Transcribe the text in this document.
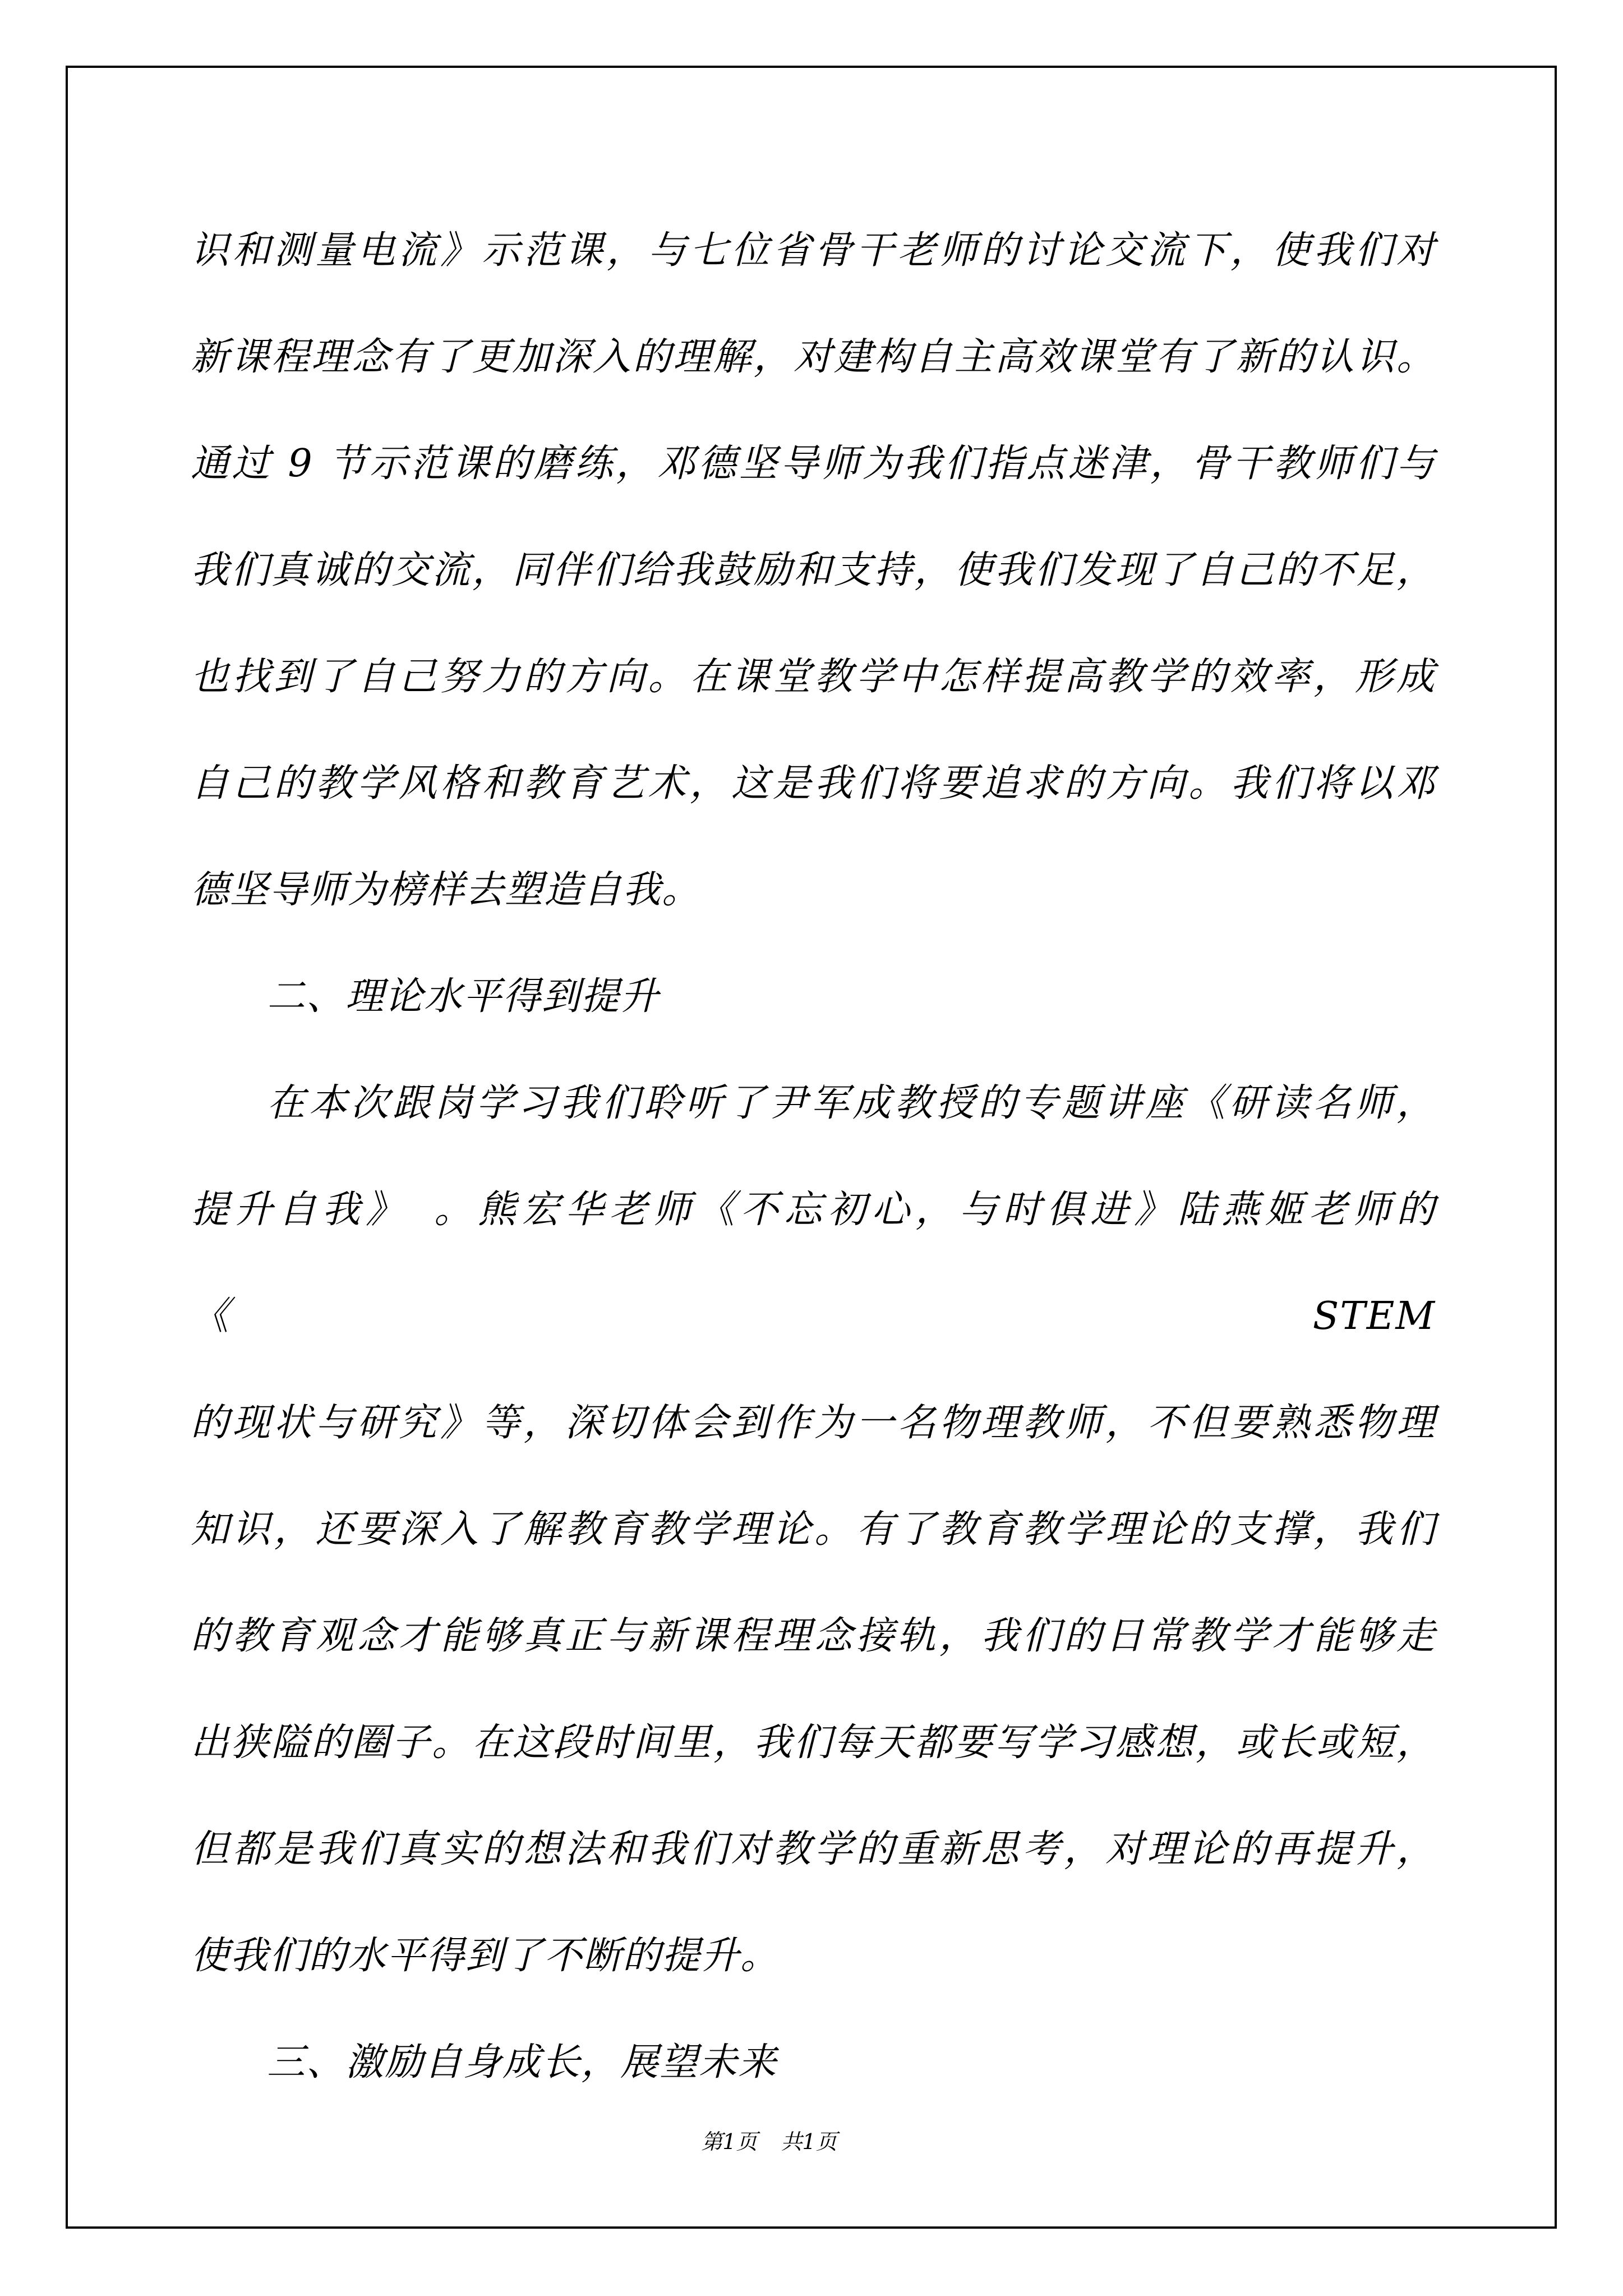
识和测量电流》示范课，与七位省骨干老师的讨论交流下，使我们对
新课程理念有了更加深入的理解，对建构自主高效课堂有了新的认识。
通过 9 节示范课的磨练，邓德坚导师为我们指点迷津，骨干教师们与
我们真诚的交流，同伴们给我鼓励和支持，使我们发现了自己的不足，
也找到了自己努力的方向。在课堂教学中怎样提高教学的效率，形成
自己的教学风格和教育艺术，这是我们将要追求的方向。我们将以邓
德坚导师为榜样去塑造自我。
二、理论水平得到提升
在本次跟岗学习我们聆听了尹军成教授的专题讲座《研读名师，
提升自我》　。熊宏华老师《不忘初心，与时俱进》陆燕姬老师的《STEM
的现状与研究》等，深切体会到作为一名物理教师，不但要熟悉物理
知识，还要深入了解教育教学理论。有了教育教学理论的支撑，我们
的教育观念才能够真正与新课程理念接轨，我们的日常教学才能够走
出狭隘的圈子。在这段时间里，我们每天都要写学习感想，或长或短，
但都是我们真实的想法和我们对教学的重新思考，对理论的再提升，
使我们的水平得到了不断的提升。
三、激励自身成长，展望未来
第1页 共1页
